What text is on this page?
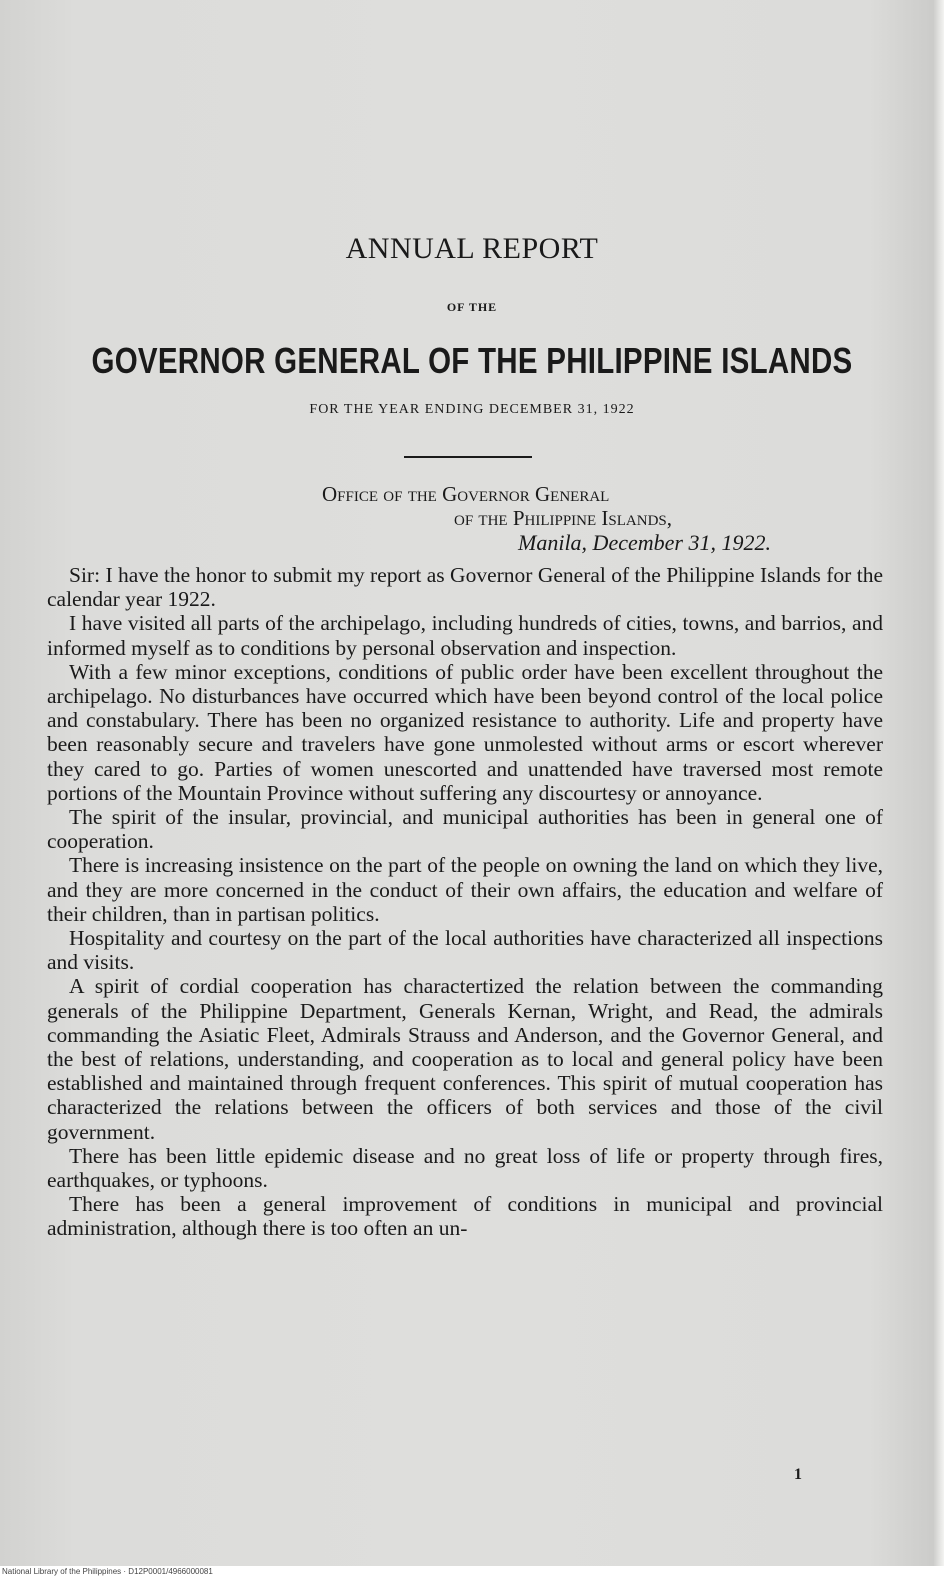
ANNUAL REPORT
OF THE
GOVERNOR GENERAL OF THE PHILIPPINE ISLANDS
FOR THE YEAR ENDING DECEMBER 31, 1922
Office of the Governor General
of the Philippine Islands,
Manila, December 31, 1922.

Sir: I have the honor to submit my report as Governor General of the Philippine Islands for the calendar year 1922.

I have visited all parts of the archipelago, including hundreds of cities, towns, and barrios, and informed myself as to conditions by personal observation and inspection.

With a few minor exceptions, conditions of public order have been excellent throughout the archipelago. No disturbances have occurred which have been beyond control of the local police and constabulary. There has been no organized resistance to authority. Life and property have been reasonably secure and travelers have gone unmolested without arms or escort wherever they cared to go. Parties of women unescorted and unattended have traversed most remote portions of the Mountain Province without suffering any discourtesy or annoyance.

The spirit of the insular, provincial, and municipal authorities has been in general one of cooperation.

There is increasing insistence on the part of the people on owning the land on which they live, and they are more concerned in the conduct of their own affairs, the education and welfare of their children, than in partisan politics.

Hospitality and courtesy on the part of the local authorities have characterized all inspections and visits.

A spirit of cordial cooperation has charactertized the relation between the commanding generals of the Philippine Department, Generals Kernan, Wright, and Read, the admirals commanding the Asiatic Fleet, Admirals Strauss and Anderson, and the Governor General, and the best of relations, understanding, and cooperation as to local and general policy have been established and maintained through frequent conferences. This spirit of mutual cooperation has characterized the relations between the officers of both services and those of the civil government.

There has been little epidemic disease and no great loss of life or property through fires, earthquakes, or typhoons.

There has been a general improvement of conditions in municipal and provincial administration, although there is too often an un-

1
National Library of the Philippines · D12P0001/4966000081
